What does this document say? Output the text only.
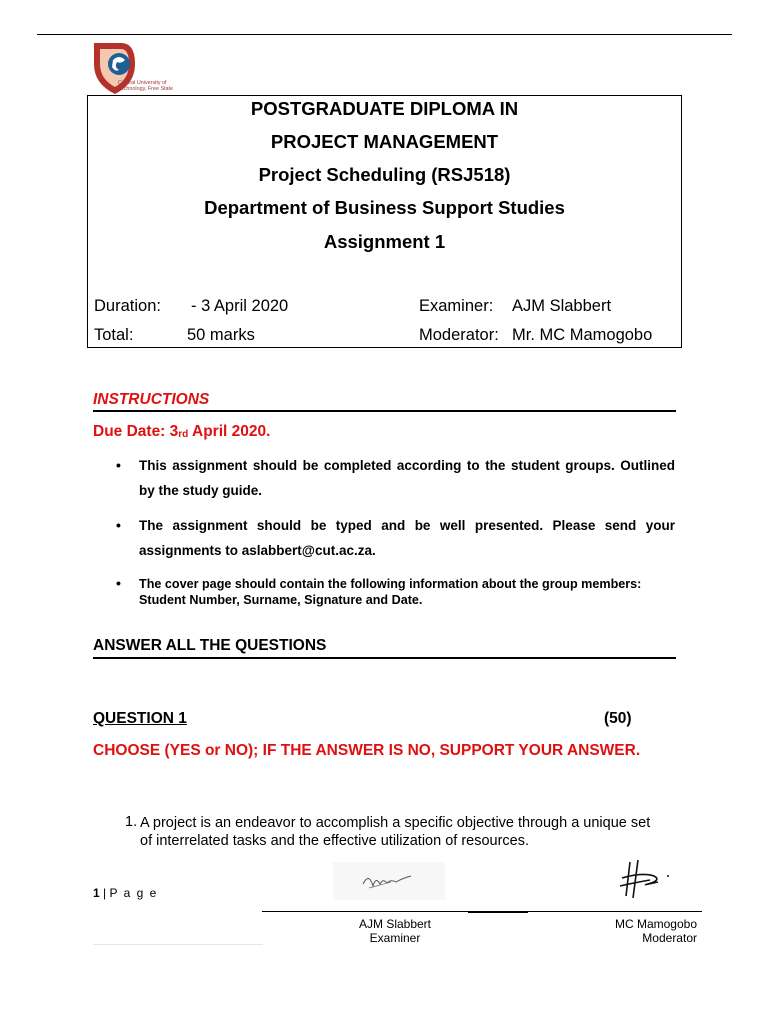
Central University of
Technology, Free State
POSTGRADUATE DIPLOMA IN
PROJECT MANAGEMENT
Project Scheduling (RSJ518)
Department of Business Support Studies
Assignment 1
Duration: - 3 April 2020	Examiner: AJM Slabbert
Total:	50 marks	Moderator: Mr. MC Mamogobo
INSTRUCTIONS
Due Date: 3rd April 2020.
• This assignment should be completed according to the student groups. Outlined by the study guide.
• The assignment should be typed and be well presented. Please send your assignments to aslabbert@cut.ac.za.
• The cover page should contain the following information about the group members: Student Number, Surname, Signature and Date.
ANSWER ALL THE QUESTIONS
QUESTION 1	(50)
CHOOSE (YES or NO); IF THE ANSWER IS NO, SUPPORT YOUR ANSWER.
1. A project is an endeavor to accomplish a specific objective through a unique set of interrelated tasks and the effective utilization of resources.
1 | P a g e
AJM Slabbert
Examiner
MC Mamogobo
Moderator
